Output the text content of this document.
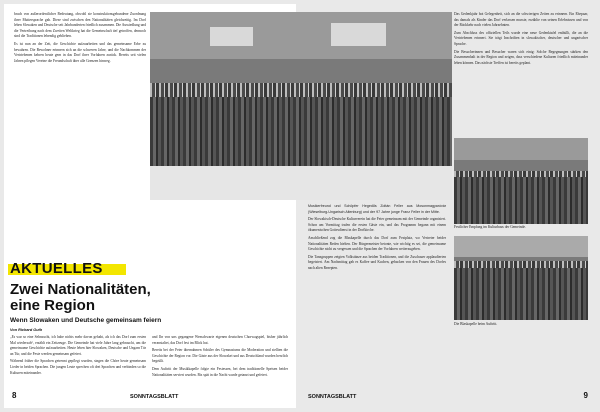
bruch von außerordentlicher Bedeutung, obwohl sie konstruktionsgebundene Zuordnung ihrer Muttersprache gab. Diese sind zwischen den Nationalitäten gleichzeitig. Im Dorf leben Slowaken und Deutsche seit Jahrhunderten friedlich zusammen. Die Aussiedlung und die Vertreibung nach dem Zweiten Weltkrieg hat die Gemeinschaft tief getroffen, dennoch sind die Traditionen lebendig geblieben.

Es ist nun an der Zeit, die Geschichte aufzuarbeiten und das gemeinsame Erbe zu bewahren. Die Bewohner erinnern sich an die schweren Jahre, und die Nachkommen der Vertriebenen kehren heute gern in das Dorf ihrer Vorfahren zurück. Bereits seit vielen Jahren pflegen Vereine die Freundschaft über alle Grenzen hinweg.

AKTUELLES
Zwei Nationalitäten,
eine Region
Wenn Slowaken und Deutsche gemeinsam feiern
Von Richard Guth

„Es war so eine Sehnsucht, ich habe nichts mehr davon gehabt, als ich das Dorf zum ersten Mal wiedersah“, erzählt ein Zeitzeuge. Die Gemeinde hat viele Jahre lang gebraucht, um die gemeinsame Geschichte aufzuarbeiten. Heute leben hier Slowaken, Deutsche und Ungarn Tür an Tür, und die Feste werden gemeinsam gefeiert.

Während früher die Sprachen getrennt gepflegt wurden, singen die Chöre heute gemeinsam Lieder in beiden Sprachen. Die jungen Leute sprechen oft drei Sprachen und verbinden so die Kulturen miteinander.

und Ihr von uns gegangene Wenschwarte eigenen deutschen Chorwagspiel, bisher jährlich veranstaltet, das Dorf fest im Blick hat.

Bereits bei der Feier übernahmen Schüler des Gymnasiums die Moderation und stellten die Geschichte der Region vor. Die Gäste aus der Slowakei und aus Deutschland wurden herzlich begrüßt.

Dem Auftritt der Musikkapelle folgte ein Festessen, bei dem traditionelle Speisen beider Nationalitäten serviert wurden. Bis spät in die Nacht wurde getanzt und gefeiert.

8	SONNTAGSBLATT

Musikerfreund und Schöpfer Hegedűs Zoltán Feller aus Mosonmagyaróvár (Wieselburg-Ungarisch Altenburg) und der 97 Jahre junge Franz Feller in der Mitte.

Der Slowakisch-Deutsche Kulturverein hat die Feier gemeinsam mit der Gemeinde organisiert. Schon am Vormittag trafen die ersten Gäste ein, und das Programm begann mit einem ökumenischen Gottesdienst in der Dorfkirche.

Anschließend zog die Blaskapelle durch das Dorf zum Festplatz, wo Vertreter beider Nationalitäten Reden hielten. Der Bürgermeister betonte, wie wichtig es sei, die gemeinsame Geschichte nicht zu vergessen und die Sprachen der Vorfahren weiterzugeben.

Die Tanzgruppen zeigten Volkstänze aus beiden Traditionen, und die Zuschauer applaudierten begeistert. Am Nachmittag gab es Kaffee und Kuchen, gebacken von den Frauen des Dorfes nach alten Rezepten.

Das Gedenkjahr bot Gelegenheit, sich an die schwierigen Zeiten zu erinnern. Ein Ehepaar, das damals als Kinder das Dorf verlassen musste, erzählte von seinen Erlebnissen und von der Rückkehr nach vielen Jahrzehnten.

Zum Abschluss des offiziellen Teils wurde eine neue Gedenktafel enthüllt, die an die Vertriebenen erinnert. Sie trägt Inschriften in slowakischer, deutscher und ungarischer Sprache.

Die Besucherinnen und Besucher waren sich einig: Solche Begegnungen stärken den Zusammenhalt in der Region und zeigen, dass verschiedene Kulturen friedlich miteinander leben können. Das nächste Treffen ist bereits geplant.

Festlicher Empfang im Kulturhaus der Gemeinde.
Die Blaskapelle beim Auftritt.
SONNTAGSBLATT	9
